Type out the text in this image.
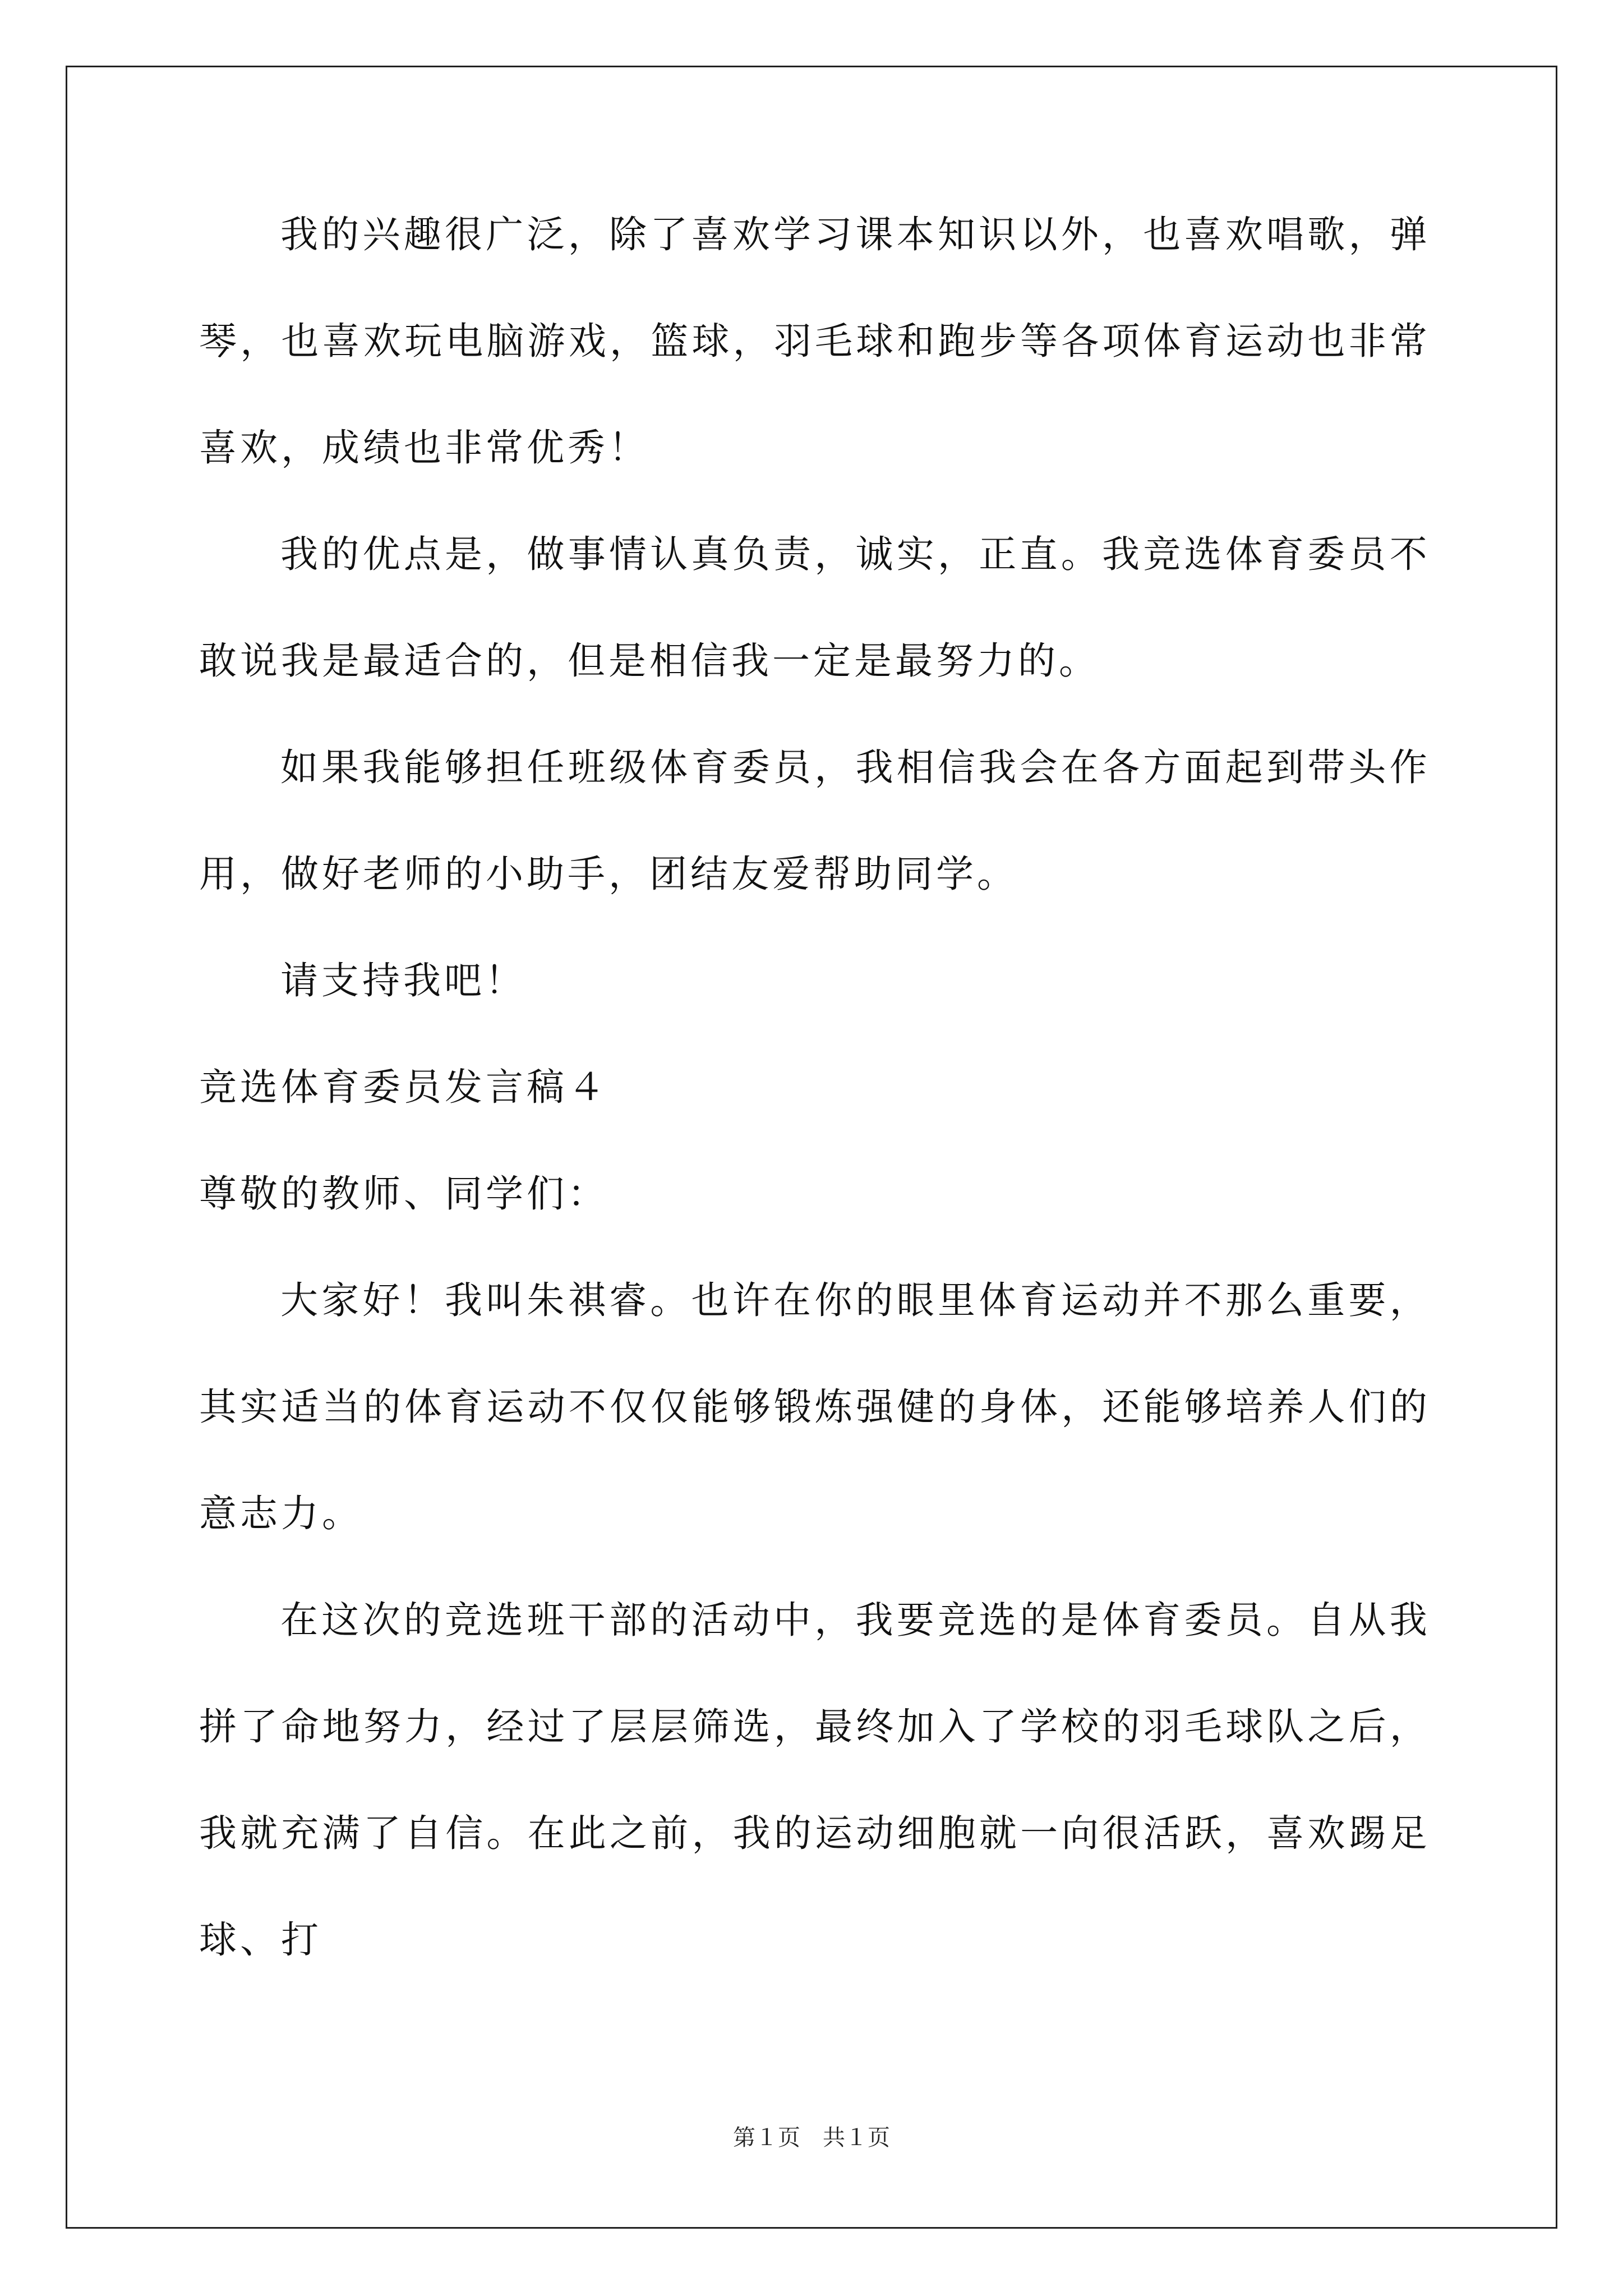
我 的 兴 趣 很 广 泛 ， 除 了 喜 欢 学 习 课 本 知 识 以 外 ， 也 喜 欢 唱 歌 ， 弹
琴 ， 也 喜 欢 玩 电 脑 游 戏 ， 篮 球 ， 羽 毛 球 和 跑 步 等 各 项 体 育 运 动 也 非 常
喜欢，成绩也非常优秀！
我 的 优 点 是 ， 做 事 情 认 真 负 责 ， 诚 实 ， 正 直 。 我 竞 选 体 育 委 员 不
敢说我是最适合的，但是相信我一定是最努力的。
如 果 我 能 够 担 任 班 级 体 育 委 员 ， 我 相 信 我 会 在 各 方 面 起 到 带 头 作
用，做好老师的小助手，团结友爱帮助同学。
请支持我吧！
竞选体育委员发言稿４
尊敬的教师、同学们：
大 家 好 ！ 我 叫 朱 祺 睿 。 也 许 在 你 的 眼 里 体 育 运 动 并 不 那 么 重 要 ，
其 实 适 当 的 体 育 运 动 不 仅 仅 能 够 锻 炼 强 健 的 身 体 ， 还 能 够 培 养 人 们 的
意志力。
在 这 次 的 竞 选 班 干 部 的 活 动 中 ， 我 要 竞 选 的 是 体 育 委 员 。 自 从 我
拼 了 命 地 努 力 ， 经 过 了 层 层 筛 选 ， 最 终 加 入 了 学 校 的 羽 毛 球 队 之 后 ，
我 就 充 满 了 自 信 。 在 此 之 前 ， 我 的 运 动 细 胞 就 一 向 很 活 跃 ， 喜 欢 踢 足
球、打
第１页　共１页
